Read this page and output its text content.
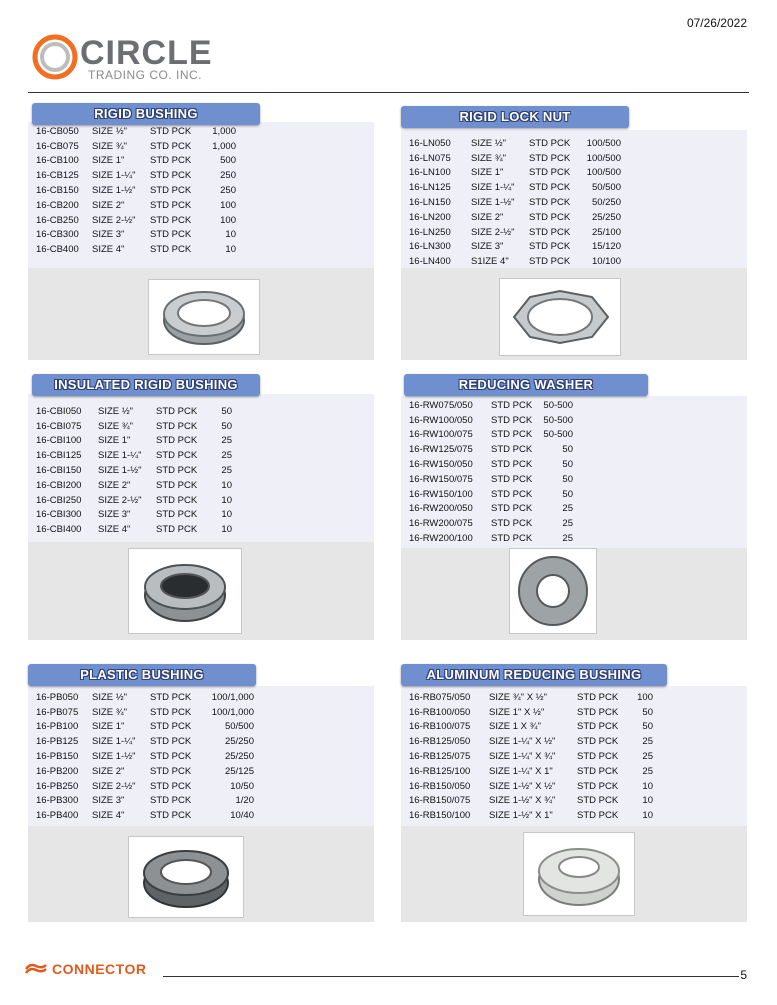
07/26/2022
CIRCLE
TRADING CO. INC.
16-CB050	SIZE ½"	STD PCK	1,000
16-CB075	SIZE ¾"	STD PCK	1,000
16-CB100	SIZE 1"	STD PCK	500
16-CB125	SIZE 1-¼"	STD PCK	250
16-CB150	SIZE 1-½"	STD PCK	250
16-CB200	SIZE 2"	STD PCK	100
16-CB250	SIZE 2-½"	STD PCK	100
16-CB300	SIZE 3"	STD PCK	10
16-CB400	SIZE 4"	STD PCK	10
RIGID BUSHING
16-LN050	SIZE ½"	STD PCK	100/500
16-LN075	SIZE ¾"	STD PCK	100/500
16-LN100	SIZE 1"	STD PCK	100/500
16-LN125	SIZE 1-¼"	STD PCK	50/500
16-LN150	SIZE 1-½"	STD PCK	50/250
16-LN200	SIZE 2"	STD PCK	25/250
16-LN250	SIZE 2-½"	STD PCK	25/100
16-LN300	SIZE 3"	STD PCK	15/120
16-LN400	S1IZE 4"	STD PCK	10/100
RIGID LOCK NUT
16-CBI050	SIZE ½"	STD PCK	50
16-CBI075	SIZE ¾"	STD PCK	50
16-CBI100	SIZE 1"	STD PCK	25
16-CBI125	SIZE 1-¼"	STD PCK	25
16-CBI150	SIZE 1-½"	STD PCK	25
16-CBI200	SIZE 2"	STD PCK	10
16-CBI250	SIZE 2-½"	STD PCK	10
16-CBI300	SIZE 3"	STD PCK	10
16-CBI400	SIZE 4"	STD PCK	10
INSULATED RIGID BUSHING
16-RW075/050	STD PCK	50-500
16-RW100/050	STD PCK	50-500
16-RW100/075	STD PCK	50-500
16-RW125/075	STD PCK	50
16-RW150/050	STD PCK	50
16-RW150/075	STD PCK	50
16-RW150/100	STD PCK	50
16-RW200/050	STD PCK	25
16-RW200/075	STD PCK	25
16-RW200/100	STD PCK	25
REDUCING WASHER
16-PB050	SIZE ½"	STD PCK	100/1,000
16-PB075	SIZE ¾"	STD PCK	100/1,000
16-PB100	SIZE 1"	STD PCK	50/500
16-PB125	SIZE 1-¼"	STD PCK	25/250
16-PB150	SIZE 1-½"	STD PCK	25/250
16-PB200	SIZE 2"	STD PCK	25/125
16-PB250	SIZE 2-½"	STD PCK	10/50
16-PB300	SIZE 3"	STD PCK	1/20
16-PB400	SIZE 4"	STD PCK	10/40
PLASTIC BUSHING
16-RB075/050	SIZE ¾" X ½"	STD PCK	100
16-RB100/050	SIZE 1" X ½"	STD PCK	50
16-RB100/075	SIZE 1 X ¾"	STD PCK	50
16-RB125/050	SIZE 1-¼" X ½"	STD PCK	25
16-RB125/075	SIZE 1-¼" X ¾"	STD PCK	25
16-RB125/100	SIZE 1-¼" X 1"	STD PCK	25
16-RB150/050	SIZE 1-½" X ½"	STD PCK	10
16-RB150/075	SIZE 1-½" X ¾"	STD PCK	10
16-RB150/100	SIZE 1-½" X 1"	STD PCK	10
ALUMINUM REDUCING BUSHING
CONNECTOR	5
